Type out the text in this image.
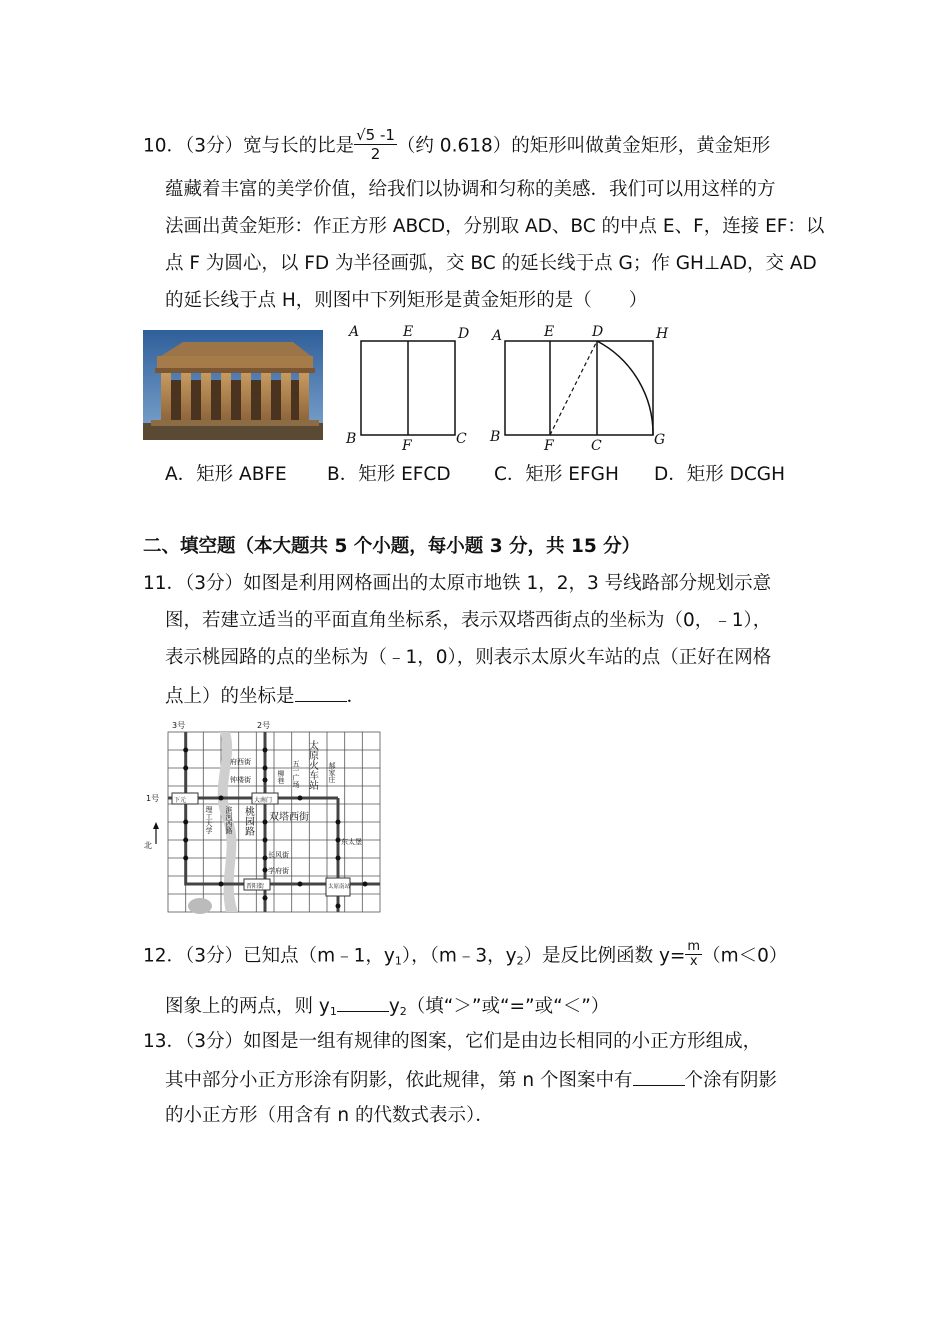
10．（3分）宽与长的比是 $\frac{√5 -1}{2}$ （约 0.618）的矩形叫做黄金矩形，黄金矩形
蕴藏着丰富的美学价值，给我们以协调和匀称的美感．我们可以用这样的方
法画出黄金矩形：作正方形 ABCD，分别取 AD、BC 的中点 E、F，连接 EF：以
点 F 为圆心，以 FD 为半径画弧，交 BC 的延长线于点 G；作 GH⊥AD，交 AD
的延长线于点 H，则图中下列矩形是黄金矩形的是（　　）
A	E	D
B	F	C
A	E	D	H
B
F	C	G
A．矩形 ABFE B．矩形 EFCD C．矩形 EFGH D．矩形 DCGH
二、填空题（本大题共 5 个小题，每小题 3 分，共 15 分）
11．（3分）如图是利用网格画出的太原市地铁 1，2，3 号线路部分规划示意
图，若建立适当的平面直角坐标系，表示双塔西街点的坐标为（0，﹣1），
表示桃园路的点的坐标为（﹣1，0），则表示太原火车站的点（正好在网格
点上）的坐标是	．
3号	2号
1号
北
下元	大南门
府西街
钟楼街	太原火车站
五一广场
柳巷	郝家庄
理工大学 滨河西路 桃园路 双塔西街
东太堡
长风街
学府街
晋阳街	太原南站
12．（3分）已知点（m﹣1，$y_1$），（m﹣3，$y_2$）是反比例函数 $y= \frac{m}{x} (m<0)$
图象上的两点，则 $y_1$	$y_2$（填“＞”或“=”或“＜”）
13．（3分）如图是一组有规律的图案，它们是由边长相同的小正方形组成，
其中部分小正方形涂有阴影，依此规律，第 n 个图案中有	个涂有阴影
的小正方形（用含有 n 的代数式表示）．
